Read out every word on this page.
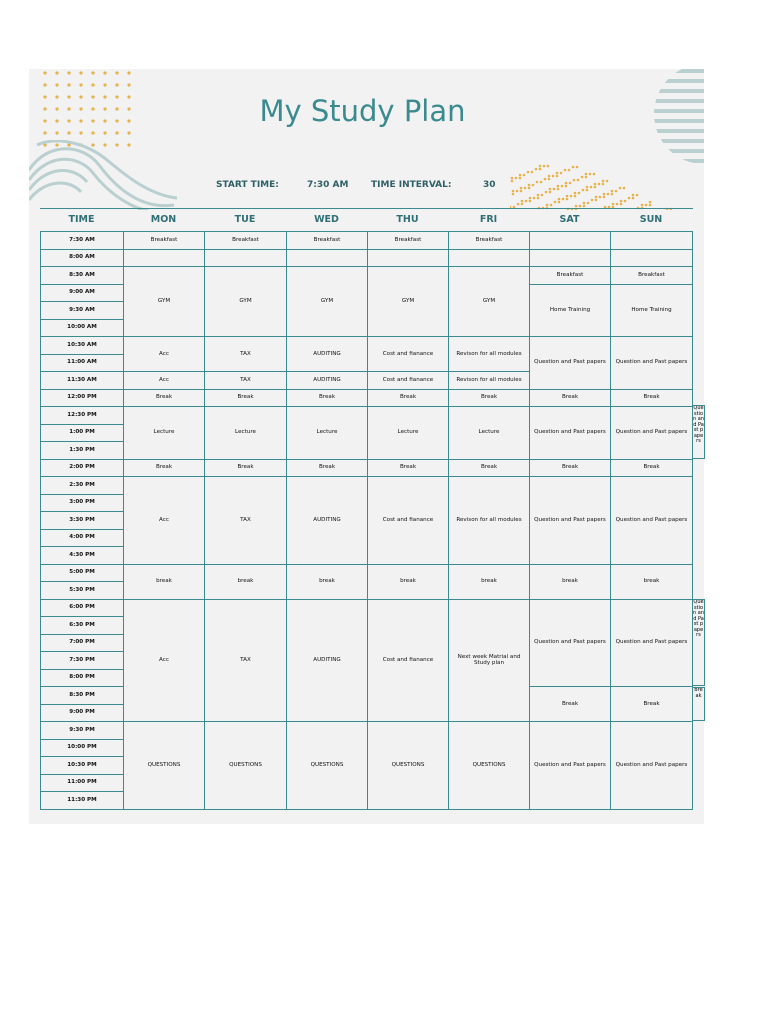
My Study Plan
START TIME:	7:30 AM	TIME INTERVAL:	30
TIME	MON	TUE	WED	THU	FRI	SAT	SUN
7:30 AM	Breakfast	Breakfast	Breakfast	Breakfast	Breakfast		
8:00 AM							
8:30 AM	GYM	GYM	GYM	GYM	GYM	Breakfast	Breakfast
9:00 AM						Home Training	Home Training
9:30 AM							
10:00 AM							
10:30 AM	Acc	TAX	AUDITING	Cost and fianance	Revison for all modules	Question and Past papers	Question and Past papers
11:00 AM							
11:30 AM	Acc	TAX	AUDITING	Cost and fianance	Revison for all modules		
12:00 PM	Break	Break	Break	Break	Break	Break	Break
12:30 PM	Lecture	Lecture	Lecture	Lecture	Lecture	Question and Past papers	Question and Past papers
1:00 PM							
1:30 PM							
2:00 PM	Break	Break	Break	Break	Break	Break	Break
2:30 PM	Acc	TAX	AUDITING	Cost and fianance	Revison for all modules	Question and Past papers	Question and Past papers
3:00 PM							
3:30 PM							
4:00 PM							
4:30 PM							
5:00 PM	break	break	break	break	break	break	break
5:30 PM							
6:00 PM	Acc	TAX	AUDITING	Cost and fianance	Next week Matrial and Study plan	Question and Past papers	Question and Past papers
6:30 PM							
7:00 PM							
7:30 PM							
8:00 PM							
8:30 PM						Break	Break
9:00 PM							
9:30 PM	QUESTIONS	QUESTIONS	QUESTIONS	QUESTIONS	QUESTIONS	Question and Past papers	Question and Past papers
10:00 PM							
10:30 PM							
11:00 PM							
11:30 PM							
Question and Past papers
Question and Past papers
Break
